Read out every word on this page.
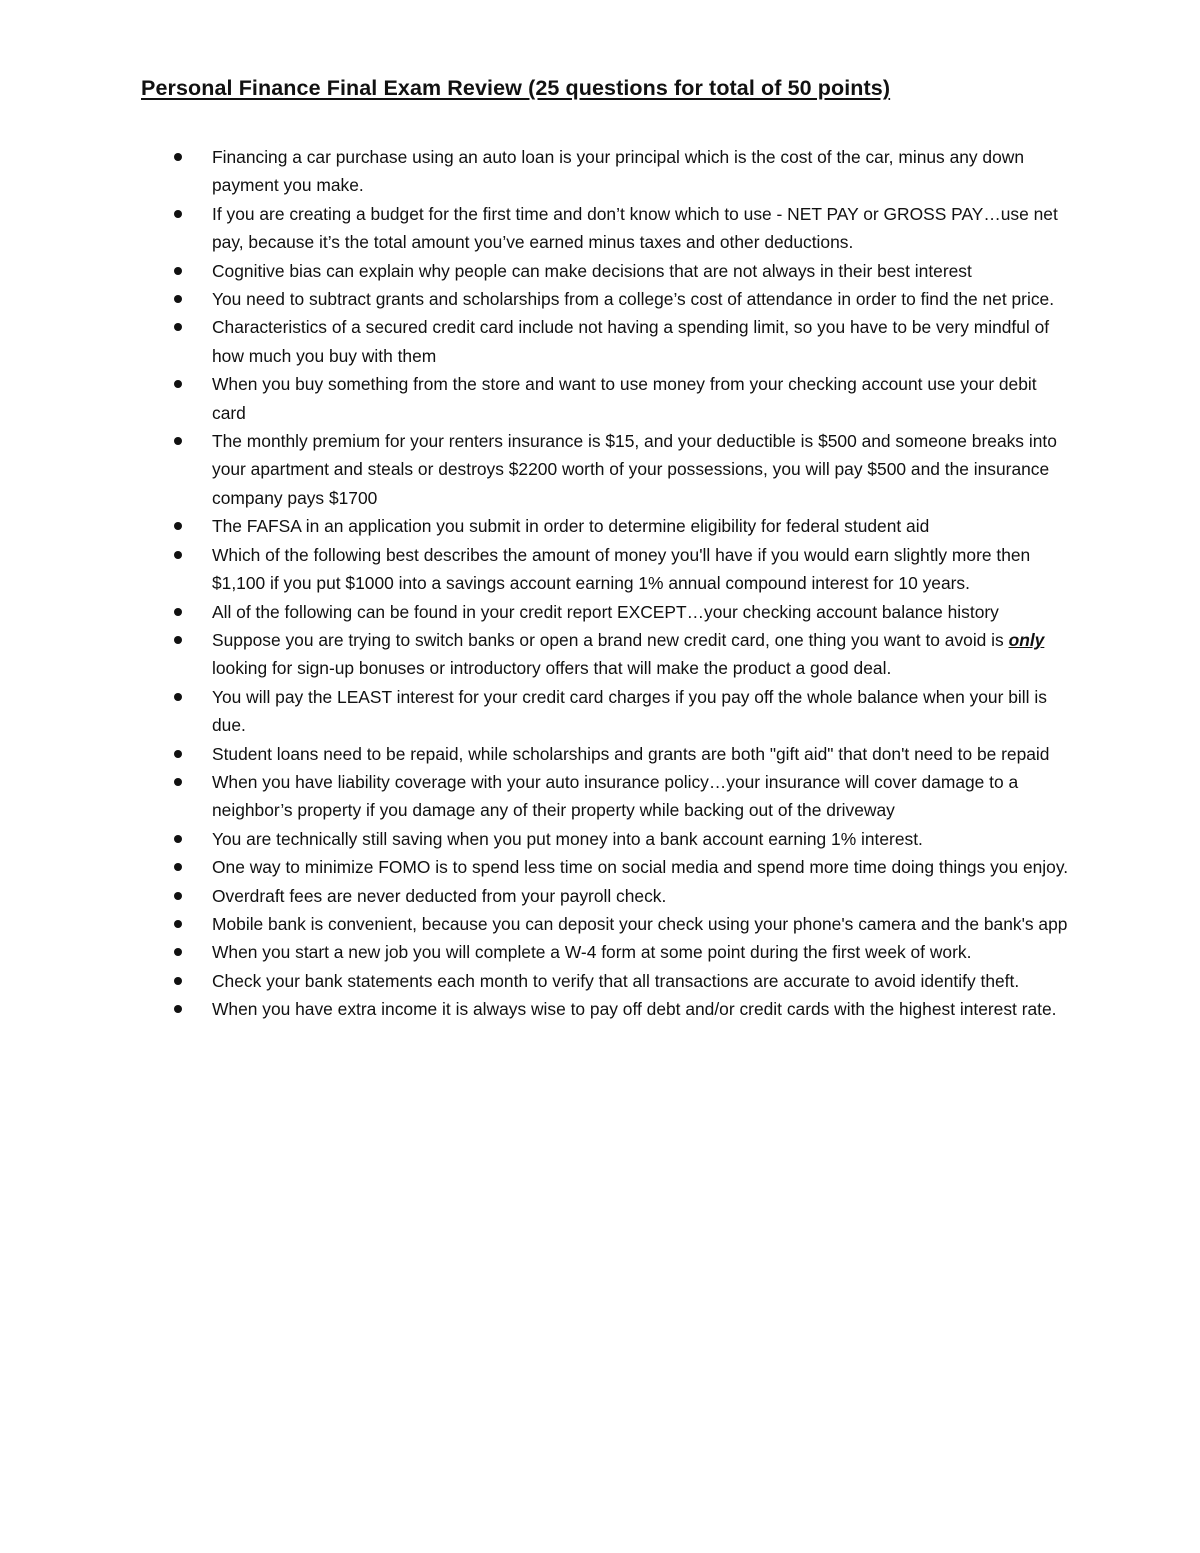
Personal Finance Final Exam Review (25 questions for total of 50 points)
Financing a car purchase using an auto loan is your principal which is the cost of the car, minus any down payment you make.
If you are creating a budget for the first time and don’t know which to use - NET PAY or GROSS PAY…use net pay, because it’s the total amount you’ve earned minus taxes and other deductions.
Cognitive bias can explain why people can make decisions that are not always in their best interest
You need to subtract grants and scholarships from a college’s cost of attendance in order to find the net price.
Characteristics of a secured credit card include not having a spending limit, so you have to be very mindful of how much you buy with them
When you buy something from the store and want to use money from your checking account use your debit card
The monthly premium for your renters insurance is $15, and your deductible is $500 and someone breaks into your apartment and steals or destroys $2200 worth of your possessions, you will pay $500 and the insurance company pays $1700
The FAFSA in an application you submit in order to determine eligibility for federal student aid
Which of the following best describes the amount of money you'll have if you would earn slightly more then $1,100 if you put $1000 into a savings account earning 1% annual compound interest for 10 years.
All of the following can be found in your credit report EXCEPT…your checking account balance history
Suppose you are trying to switch banks or open a brand new credit card, one thing you want to avoid is only looking for sign-up bonuses or introductory offers that will make the product a good deal.
You will pay the LEAST interest for your credit card charges if you pay off the whole balance when your bill is due.
Student loans need to be repaid, while scholarships and grants are both "gift aid" that don't need to be repaid
When you have liability coverage with your auto insurance policy…your insurance will cover damage to a neighbor’s property if you damage any of their property while backing out of the driveway
You are technically still saving when you put money into a bank account earning 1% interest.
One way to minimize FOMO is to spend less time on social media and spend more time doing things you enjoy.
Overdraft fees are never deducted from your payroll check.
Mobile bank is convenient, because you can deposit your check using your phone's camera and the bank's app
When you start a new job you will complete a W-4 form at some point during the first week of work.
Check your bank statements each month to verify that all transactions are accurate to avoid identify theft.
When you have extra income it is always wise to pay off debt and/or credit cards with the highest interest rate.
